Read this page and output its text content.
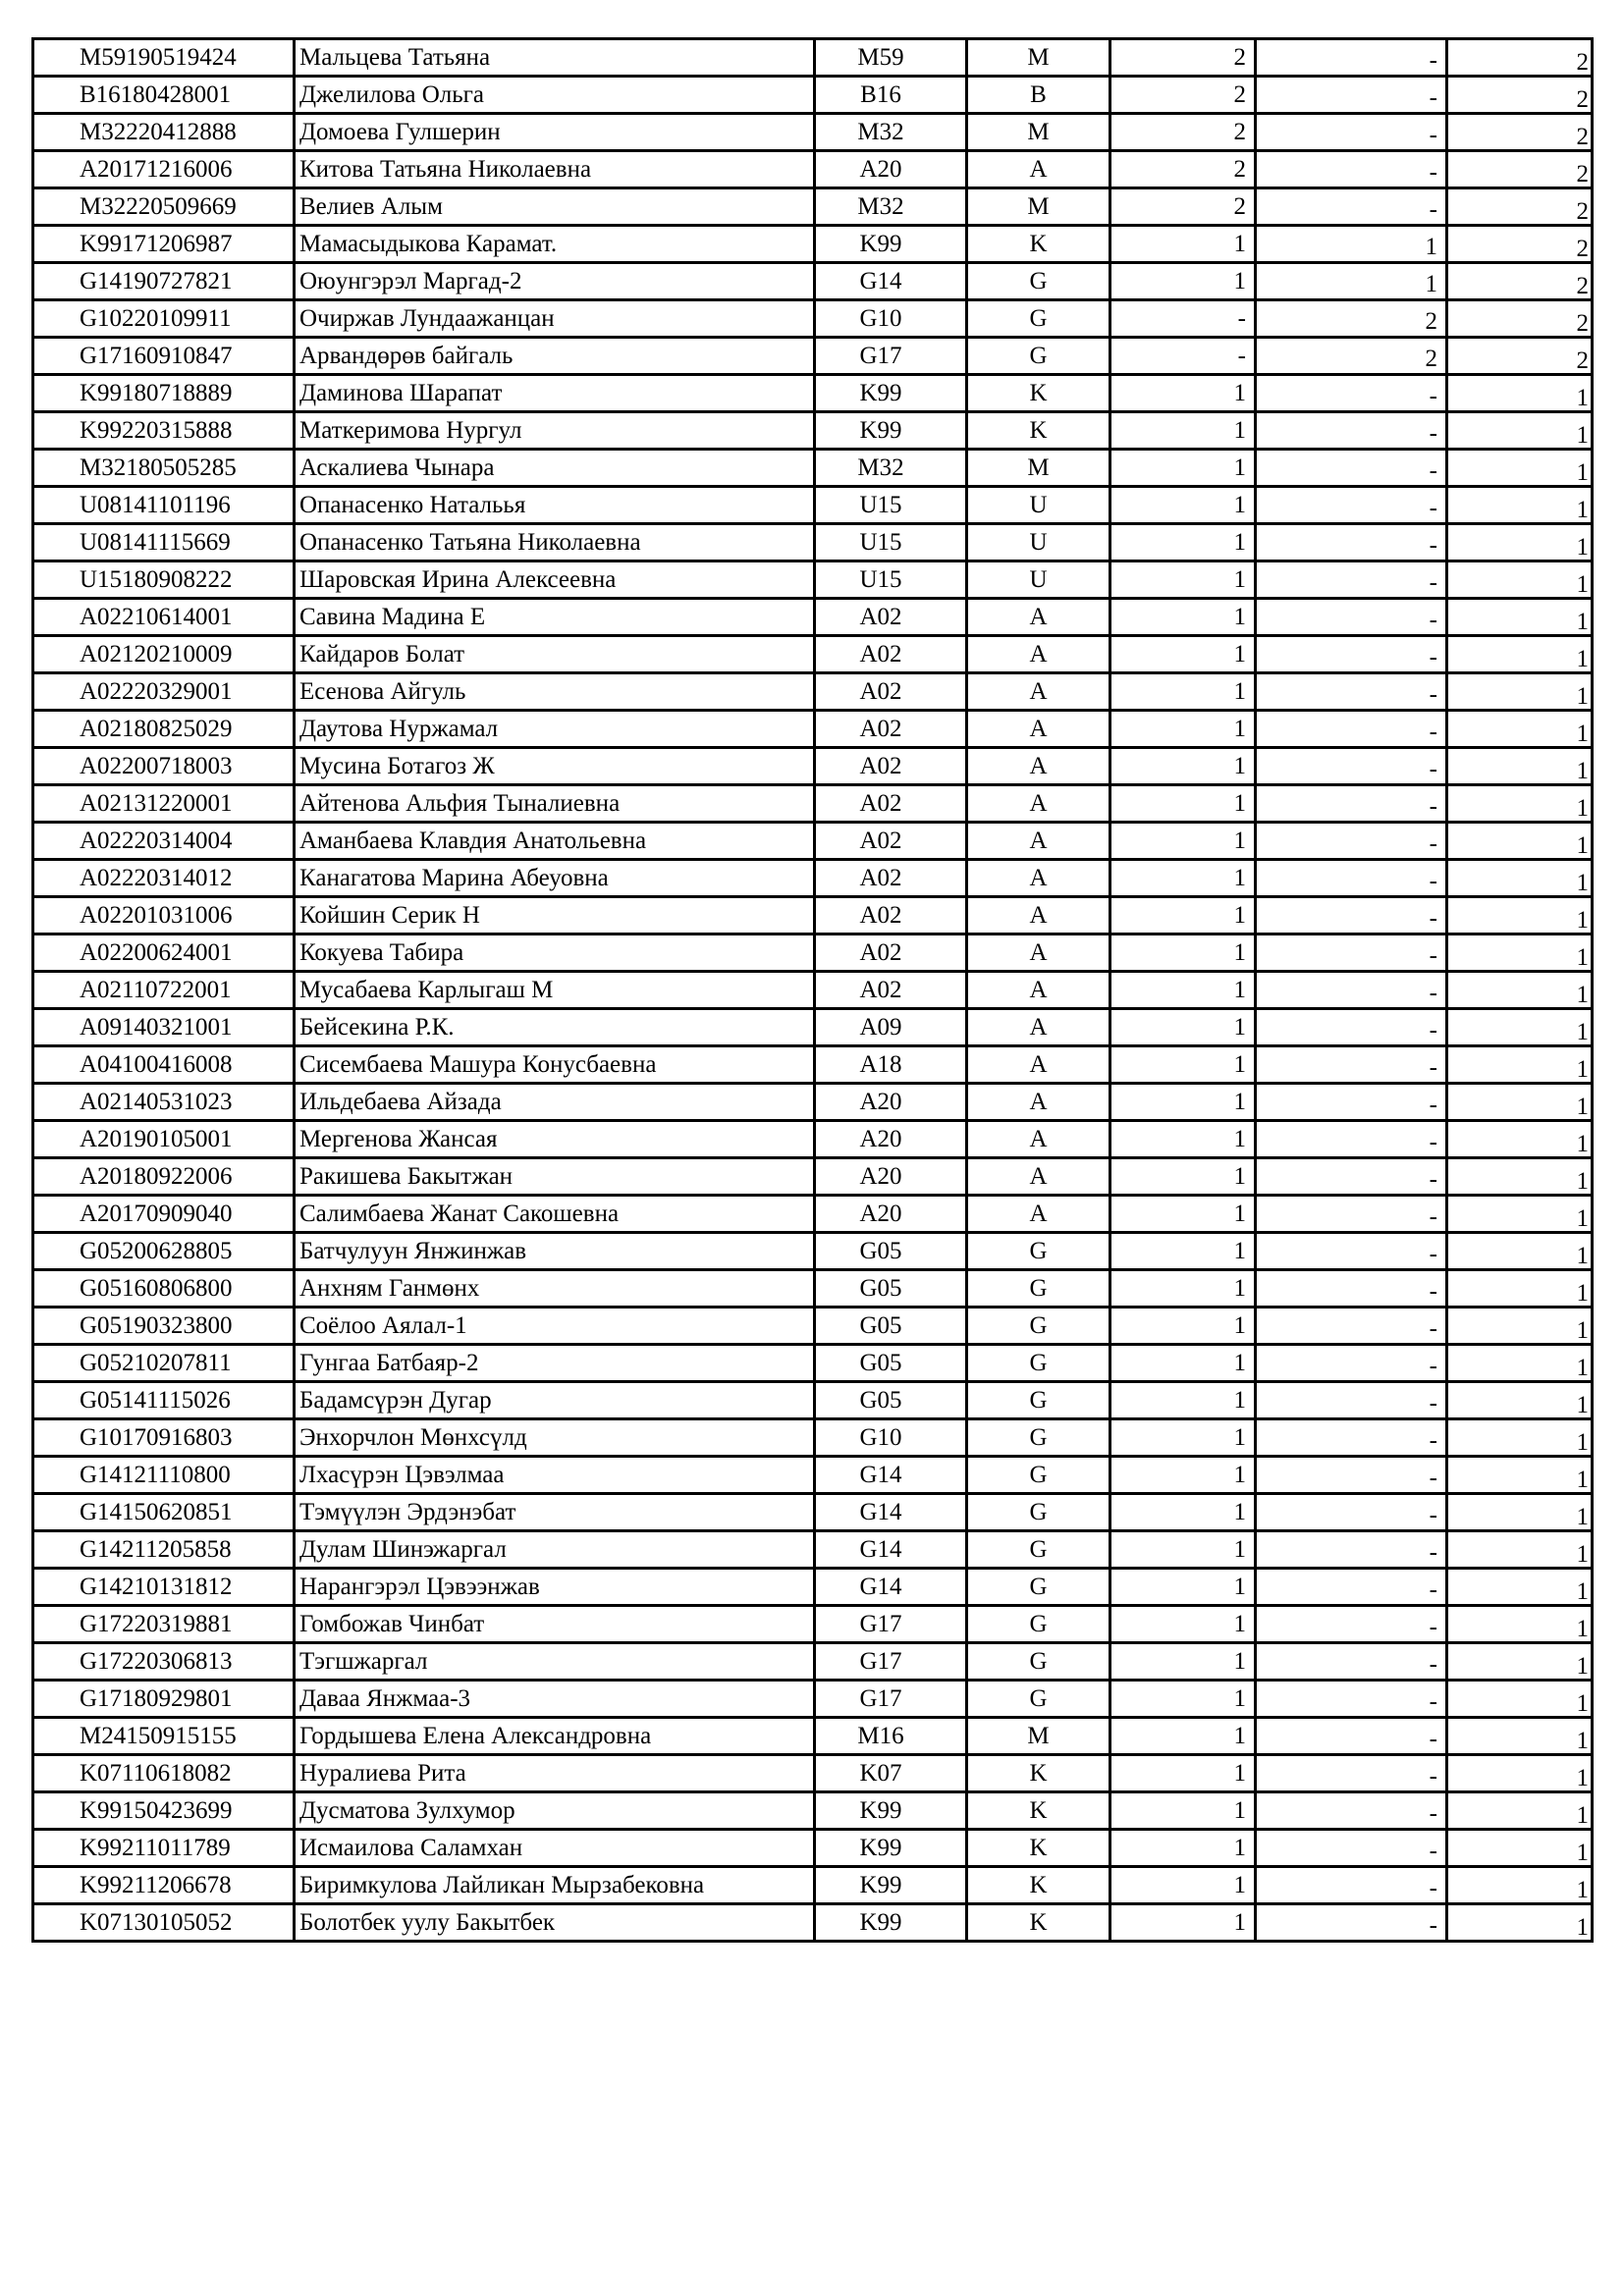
M59190519424	Мальцева Татьяна	M59	M	2	-	2
B16180428001	Джелилова Ольга	B16	B	2	-	2
M32220412888	Домоева Гулшерин	M32	M	2	-	2
A20171216006	Китова Татьяна Николаевна	A20	A	2	-	2
M32220509669	Велиев Алым	M32	M	2	-	2
K99171206987	Мамасыдыкова Карамат.	K99	K	1	1	2
G14190727821	Оюунгэрэл Маргад-2	G14	G	1	1	2
G10220109911	Очиржав Лундаажанцан	G10	G	-	2	2
G17160910847	Арвандөрөв байгаль	G17	G	-	2	2
K99180718889	Даминова Шарапат	K99	K	1	-	1
K99220315888	Маткеримова Нургул	K99	K	1	-	1
M32180505285	Аскалиева Чынара	M32	M	1	-	1
U08141101196	Опанасенко Натальья	U15	U	1	-	1
U08141115669	Опанасенко Татьяна Николаевна	U15	U	1	-	1
U15180908222	Шаровская Ирина Алексеевна	U15	U	1	-	1
A02210614001	Савина Мадина Е	A02	A	1	-	1
A02120210009	Кайдаров Болат	A02	A	1	-	1
A02220329001	Есенова Айгуль	A02	A	1	-	1
A02180825029	Даутова Нуржамал	A02	A	1	-	1
A02200718003	Мусина Ботагоз Ж	A02	A	1	-	1
A02131220001	Айтенова Альфия Тыналиевна	A02	A	1	-	1
A02220314004	Аманбаева Клавдия Анатольевна	A02	A	1	-	1
A02220314012	Канагатова Марина Абеуовна	A02	A	1	-	1
A02201031006	Койшин Серик Н	A02	A	1	-	1
A02200624001	Кокуева Табира	A02	A	1	-	1
A02110722001	Мусабаева Карлыгаш М	A02	A	1	-	1
A09140321001	Бейсекина Р.К.	A09	A	1	-	1
A04100416008	Сисембаева Машура Конусбаевна	A18	A	1	-	1
A02140531023	Ильдебаева Айзада	A20	A	1	-	1
A20190105001	Мергенова Жансая	A20	A	1	-	1
A20180922006	Ракишева Бакытжан	A20	A	1	-	1
A20170909040	Салимбаева Жанат Сакошевна	A20	A	1	-	1
G05200628805	Батчулуун Янжинжав	G05	G	1	-	1
G05160806800	Анхням Ганмөнх	G05	G	1	-	1
G05190323800	Соёлоо Аялал-1	G05	G	1	-	1
G05210207811	Гунгаа Батбаяр-2	G05	G	1	-	1
G05141115026	Бадамсүрэн Дугар	G05	G	1	-	1
G10170916803	Энхорчлон Мөнхсүлд	G10	G	1	-	1
G14121110800	Лхасүрэн Цэвэлмаа	G14	G	1	-	1
G14150620851	Тэмүүлэн Эрдэнэбат	G14	G	1	-	1
G14211205858	Дулам Шинэжаргал	G14	G	1	-	1
G14210131812	Нарангэрэл Цэвээнжав	G14	G	1	-	1
G17220319881	Гомбожав Чинбат	G17	G	1	-	1
G17220306813	Тэгшжаргал	G17	G	1	-	1
G17180929801	Даваа Янжмаа-3	G17	G	1	-	1
M24150915155	Гордышева Елена Александровна	M16	M	1	-	1
K07110618082	Нуралиева Рита	K07	K	1	-	1
K99150423699	Дусматова Зулхумор	K99	K	1	-	1
K99211011789	Исмаилова Саламхан	K99	K	1	-	1
K99211206678	Биримкулова Лайликан Мырзабековна	K99	K	1	-	1
K07130105052	Болотбек уулу Бакытбек	K99	K	1	-	1
